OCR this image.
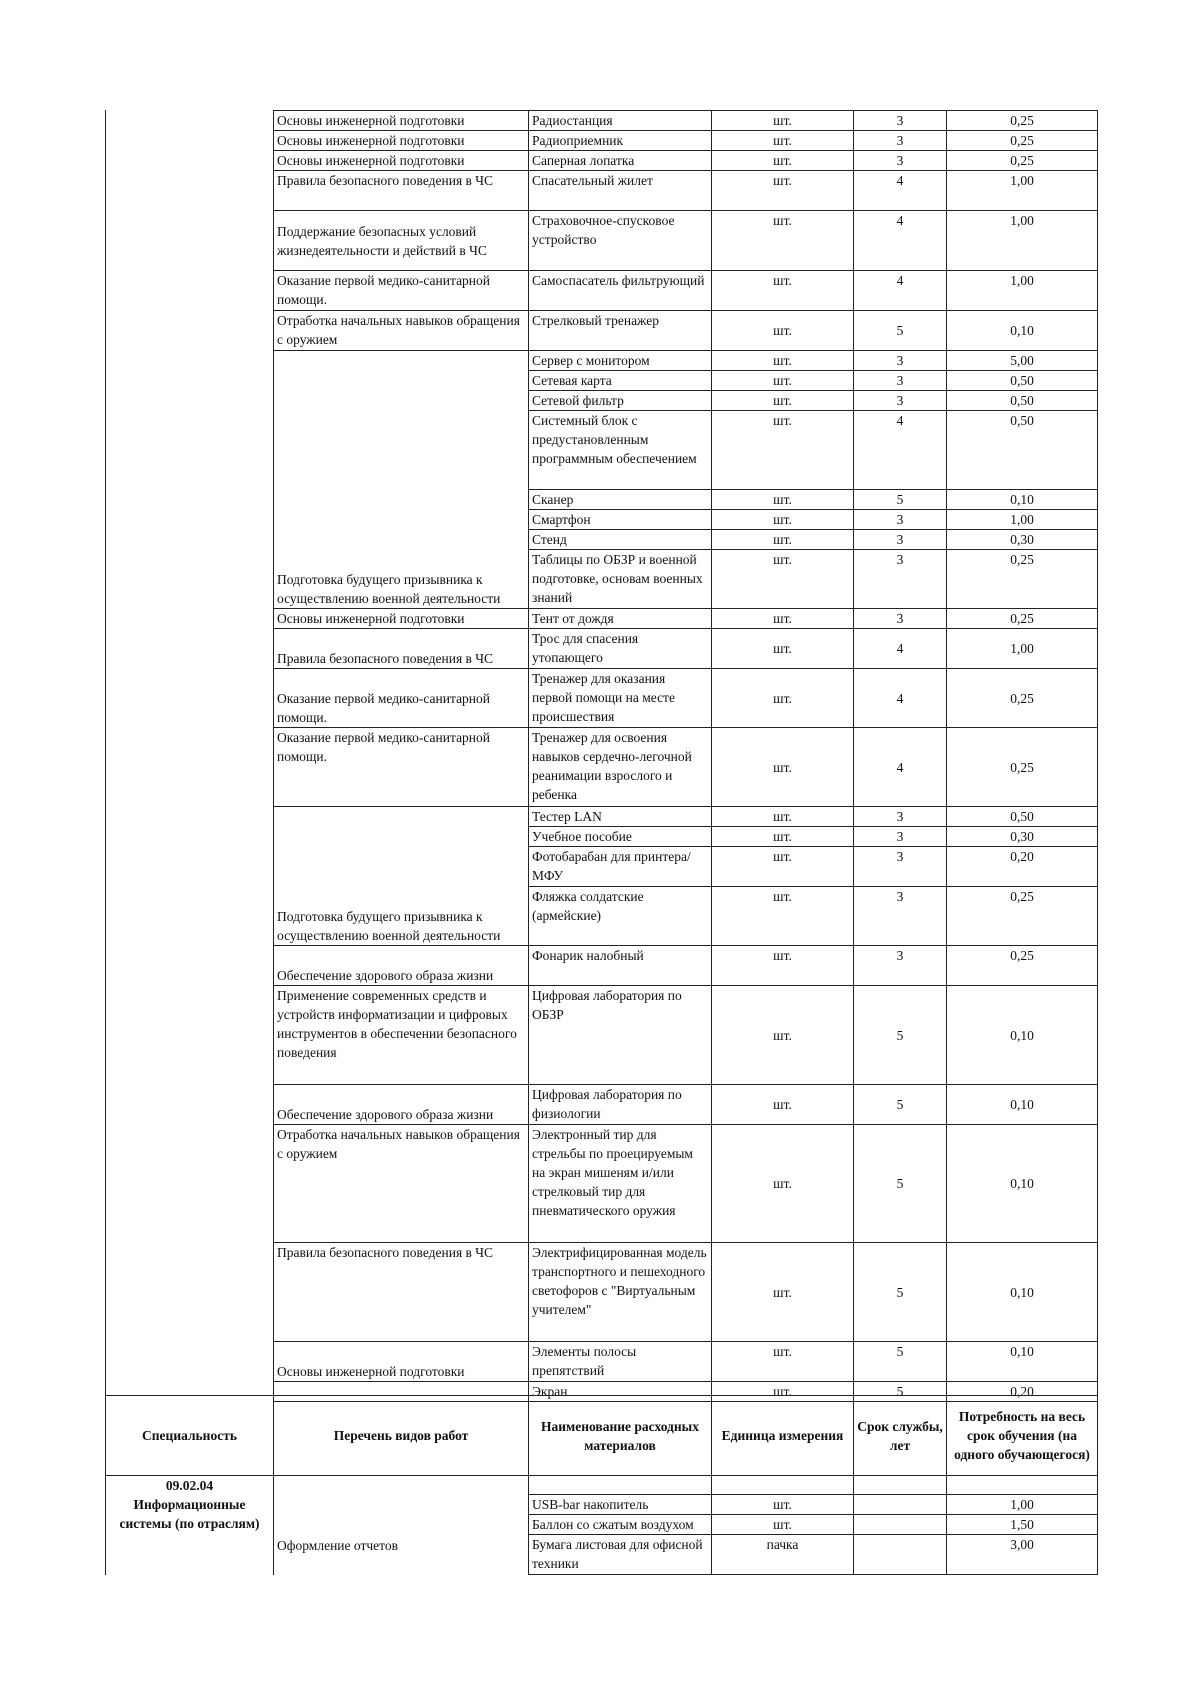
Основы инженерной подготовки	Радиостанция	шт.	3	0,25
Основы инженерной подготовки	Радиоприемник	шт.	3	0,25
Основы инженерной подготовки	Саперная лопатка	шт.	3	0,25
Правила безопасного поведения в ЧС	Спасательный жилет	шт.	4	1,00
Поддержание безопасных условий жизнедеятельности и действий в ЧС	Страховочное-спусковое устройство	шт.	4	1,00
Оказание первой медико-санитарной помощи.	Самоспасатель фильтрующий	шт.	4	1,00
Отработка начальных навыков обращения с оружием	Стрелковый тренажер	шт.	5	0,10
Подготовка будущего призывника к осуществлению военной деятельности	Сервер с монитором	шт.	3	5,00
	Сетевая карта	шт.	3	0,50
	Сетевой фильтр	шт.	3	0,50
	Системный блок с предустановленным программным обеспечением	шт.	4	0,50
	Сканер	шт.	5	0,10
	Смартфон	шт.	3	1,00
	Стенд	шт.	3	0,30
	Таблицы по ОБЗР и военной подготовке, основам военных знаний	шт.	3	0,25
Основы инженерной подготовки	Тент от дождя	шт.	3	0,25
Правила безопасного поведения в ЧС	Трос для спасения утопающего	шт.	4	1,00
Оказание первой медико-санитарной помощи.	Тренажер для оказания первой помощи на месте происшествия	шт.	4	0,25
Оказание первой медико-санитарной помощи.	Тренажер для освоения навыков сердечно-легочной реанимации взрослого и ребенка	шт.	4	0,25
Подготовка будущего призывника к осуществлению военной деятельности	Тестер LAN	шт.	3	0,50
	Учебное пособие	шт.	3	0,30
	Фотобарабан для принтера/МФУ	шт.	3	0,20
	Фляжка солдатские (армейские)	шт.	3	0,25
Обеспечение здорового образа жизни	Фонарик налобный	шт.	3	0,25
Применение современных средств и устройств информатизации и цифровых инструментов в обеспечении безопасного поведения	Цифровая лаборатория по ОБЗР	шт.	5	0,10
Обеспечение здорового образа жизни	Цифровая лаборатория по физиологии	шт.	5	0,10
Отработка начальных навыков обращения с оружием	Электронный тир для стрельбы по проецируемым на экран мишеням и/или стрелковый тир для пневматического оружия	шт.	5	0,10
Правила безопасного поведения в ЧС	Электрифицированная модель транспортного и пешеходного светофоров с "Виртуальным учителем"	шт.	5	0,10
Основы инженерной подготовки	Элементы полосы препятствий	шт.	5	0,10
	Экран	шт.	5	0,20
Специальность	Перечень видов работ	Наименование расходных материалов	Единица измерения	Срок службы, лет	Потребность на весь срок обучения (на одного обучающегося)
09.02.04 Информационные системы (по отраслям)	Оформление отчетов				
		USB-bar накопитель	шт.		1,00
		Баллон со сжатым воздухом	шт.		1,50
		Бумага листовая для офисной техники	пачка		3,00
